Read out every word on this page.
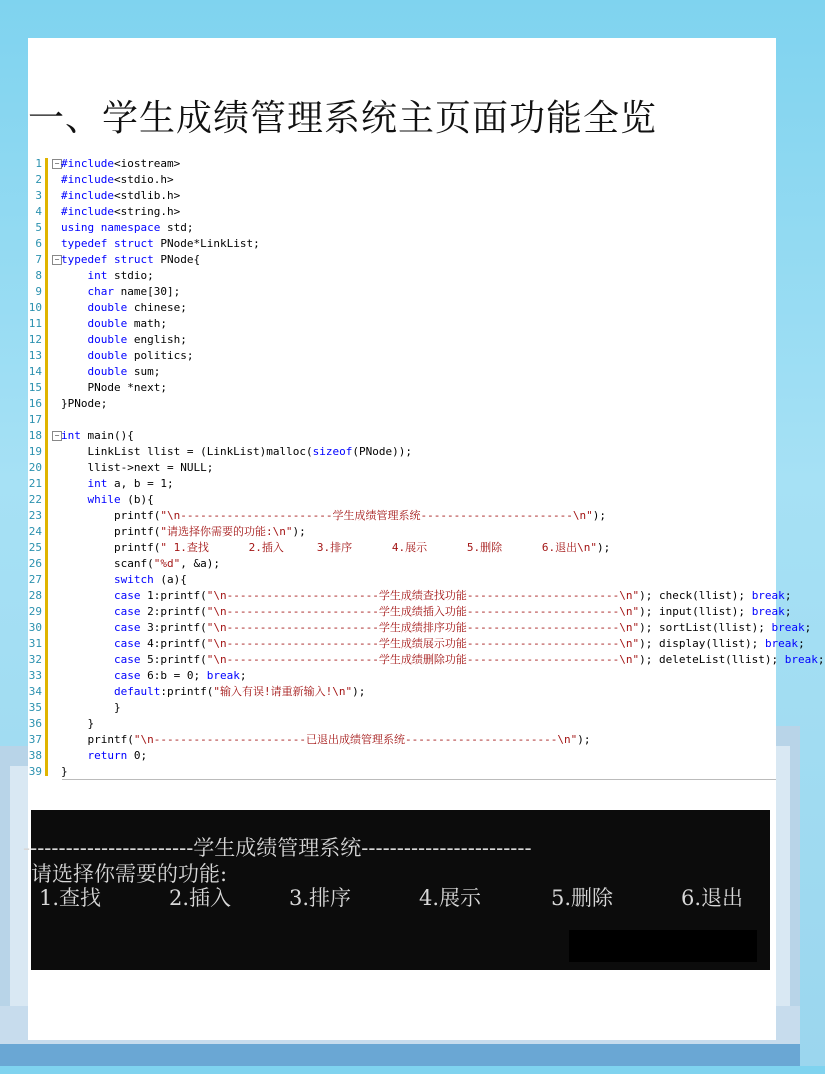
一、学生成绩管理系统主页面功能全览
1	− #include<iostream>
2 #include<stdio.h>
3 #include<stdlib.h>
4 #include<string.h>
5 using namespace std;
6 typedef struct PNode*LinkList;
7	− typedef struct PNode{
8	int stdio;
9	char name[30];
10	double chinese;
11	double math;
12	double english;
13	double politics;
14	double sum;
15 PNode *next;
16 }PNode;
17
18	− int main(){
19 LinkList llist = (LinkList)malloc(sizeof(PNode));
20 llist->next = NULL;
21	int a, b = 1;
22	while (b){
23 printf("\n-----------------------学生成绩管理系统-----------------------\n");
24 printf("请选择你需要的功能:\n");
25 printf(" 1.查找      2.插入     3.排序      4.展示      5.删除      6.退出\n");
26 scanf("%d", &a);
27	switch (a){
28	case 1:printf("\n-----------------------学生成绩查找功能-----------------------\n"); check(llist); break;
29	case 2:printf("\n-----------------------学生成绩插入功能-----------------------\n"); input(llist); break;
30	case 3:printf("\n-----------------------学生成绩排序功能-----------------------\n"); sortList(llist); break;
31	case 4:printf("\n-----------------------学生成绩展示功能-----------------------\n"); display(llist); break;
32	case 5:printf("\n-----------------------学生成绩删除功能-----------------------\n"); deleteList(llist); break;
33	case 6:b = 0; break;
34	default:printf("输入有误!请重新输入!\n");
35 }
36 }
37 printf("\n-----------------------已退出成绩管理系统-----------------------\n");
38	return 0;
39 }
------------------------学生成绩管理系统------------------------
请选择你需要的功能:

1.查找

	2.插入

	3.排序

	4.展示

	5.删除

	6.退出
